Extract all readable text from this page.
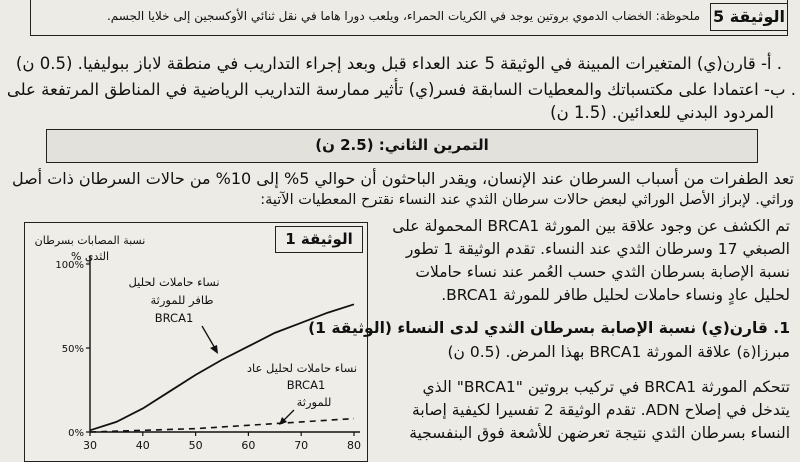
ملحوظة: الخضاب الدموي بروتين يوجد في الكريات الحمراء، ويلعب دورا هاما في نقل ثنائي الأوكسجين إلى خلايا الجسم. الوثيقة 5
. أ- قارن(ي) المتغيرات المبينة في الوثيقة 5 عند العداء قبل وبعد إجراء التداريب في منطقة لاباز ببوليفيا. (0.5 ن)
. ب- اعتمادا على مكتسباتك والمعطيات السابقة فسر(ي) تأثير ممارسة التداريب الرياضية في المناطق المرتفعة على
المردود البدني للعدائين. (1.5 ن)
التمرين الثاني: (2.5 ن)
تعد الطفرات من أسباب السرطان عند الإنسان، ويقدر الباحثون أن حوالي 5% إلى 10% من حالات السرطان ذات أصل
وراثي. لإبراز الأصل الوراثي لبعض حالات سرطان الثدي عند النساء نقترح المعطيات الآتية:
100%
50%
0%
30	40	50	60	70	80
نسبة المصابات بسرطان
الثدي %
نساء حاملات لحليل
طافر للمورثة
BRCA1
نساء حاملات لحليل عاد
BRCA1
للمورثة
الوثيقة 1
تم الكشف عن وجود علاقة بين المورثة BRCA1 المحمولة على
الصبغي 17 وسرطان الثدي عند النساء. تقدم الوثيقة 1 تطور
نسبة الإصابة بسرطان الثدي حسب العُمر عند نساء حاملات
لحليل عادٍ ونساء حاملات لحليل طافر للمورثة BRCA1.
1. قارن(ي) نسبة الإصابة بسرطان الثدي لدى النساء (الوثيقة 1)
مبرزا(ة) علاقة المورثة BRCA1 بهذا المرض. (0.5 ن)
تتحكم المورثة BRCA1 في تركيب بروتين "BRCA1" الذي
يتدخل في إصلاح ADN. تقدم الوثيقة 2 تفسيرا لكيفية إصابة
النساء بسرطان الثدي نتيجة تعرضهن للأشعة فوق البنفسجية
